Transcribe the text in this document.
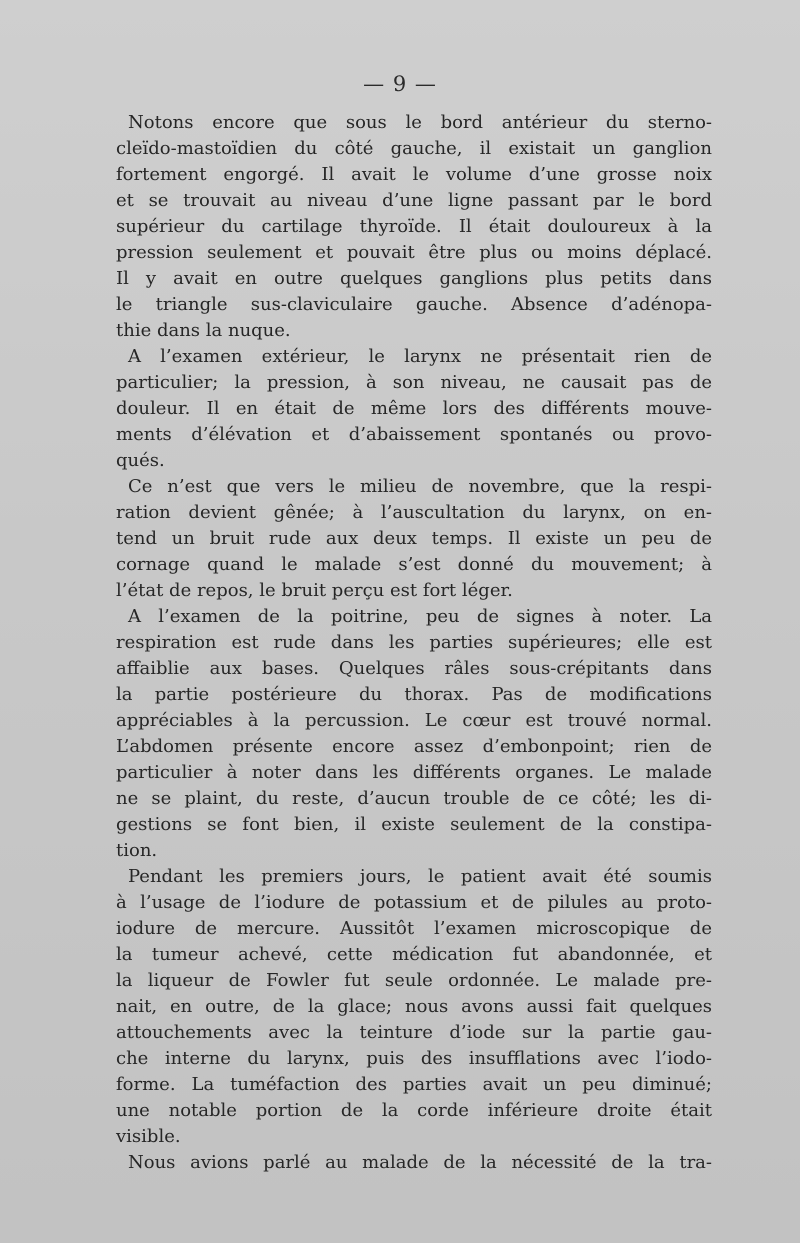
— 9 —
Notons encore que sous le bord antérieur du sterno-
cleïdo-mastoïdien du côté gauche, il existait un ganglion
fortement engorgé. Il avait le volume d’une grosse noix
et se trouvait au niveau d’une ligne passant par le bord
supérieur du cartilage thyroïde. Il était douloureux à la
pression seulement et pouvait être plus ou moins déplacé.
Il y avait en outre quelques ganglions plus petits dans
le triangle sus-claviculaire gauche. Absence d’adénopa-
thie dans la nuque.
A l’examen extérieur, le larynx ne présentait rien de
particulier; la pression, à son niveau, ne causait pas de
douleur. Il en était de même lors des différents mouve-
ments d’élévation et d’abaissement spontanés ou provo-
qués.
Ce n’est que vers le milieu de novembre, que la respi-
ration devient gênée; à l’auscultation du larynx, on en-
tend un bruit rude aux deux temps. Il existe un peu de
cornage quand le malade s’est donné du mouvement; à
l’état de repos, le bruit perçu est fort léger.
A l’examen de la poitrine, peu de signes à noter. La
respiration est rude dans les parties supérieures; elle est
affaiblie aux bases. Quelques râles sous-crépitants dans
la partie postérieure du thorax. Pas de modifications
appréciables à la percussion. Le cœur est trouvé normal.
L’abdomen présente encore assez d’embonpoint; rien de
particulier à noter dans les différents organes. Le malade
ne se plaint, du reste, d’aucun trouble de ce côté; les di-
gestions se font bien, il existe seulement de la constipa-
tion.
Pendant les premiers jours, le patient avait été soumis
à l’usage de l’iodure de potassium et de pilules au proto-
iodure de mercure. Aussitôt l’examen microscopique de
la tumeur achevé, cette médication fut abandonnée, et
la liqueur de Fowler fut seule ordonnée. Le malade pre-
nait, en outre, de la glace; nous avons aussi fait quelques
attouchements avec la teinture d’iode sur la partie gau-
che interne du larynx, puis des insufflations avec l’iodo-
forme. La tuméfaction des parties avait un peu diminué;
une notable portion de la corde inférieure droite était
visible.
Nous avions parlé au malade de la nécessité de la tra-
